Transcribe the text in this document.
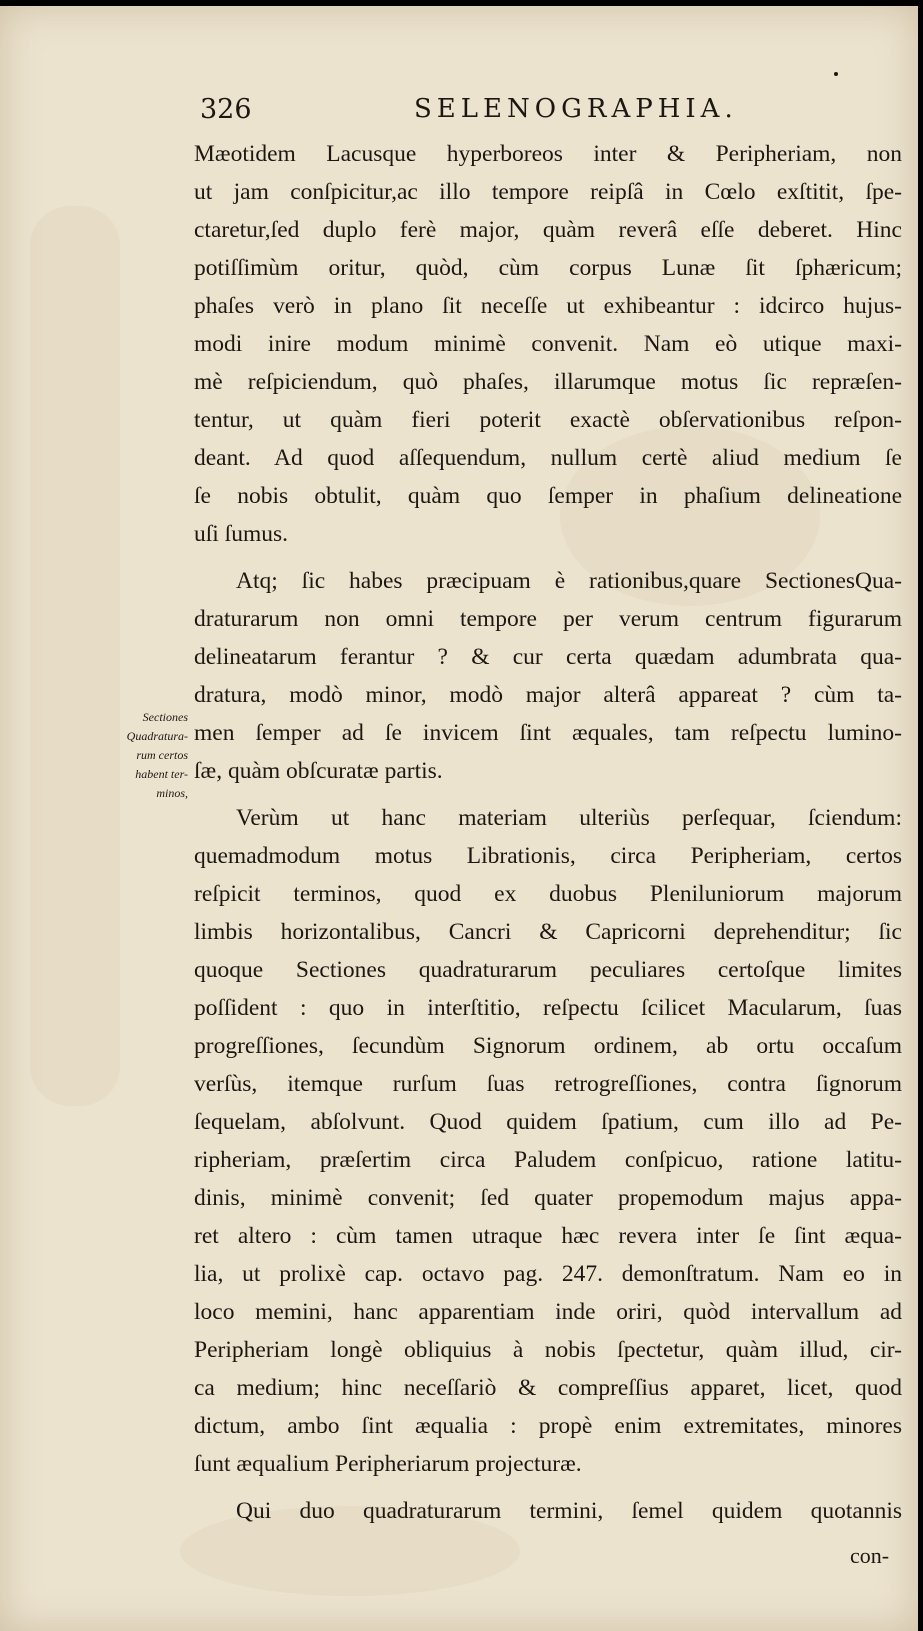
326	SELENOGRAPHIA.
Sectiones
Quadratura-
rum certos
habent ter-
minos,
Mæotidem Lacusque hyperboreos inter & Peripheriam, non
ut jam conſpicitur,ac illo tempore reipſâ in Cœlo exſtitit, ſpe-
ctaretur,ſed duplo ferè major, quàm reverâ eſſe deberet. Hinc
potiſſimùm oritur, quòd, cùm corpus Lunæ ſit ſphæricum;
phaſes verò in plano ſit neceſſe ut exhibeantur : idcirco hujus-
modi inire modum minimè convenit. Nam eò utique maxi-
mè reſpiciendum, quò phaſes, illarumque motus ſic repræſen-
tentur, ut quàm fieri poterit exactè obſervationibus reſpon-
deant. Ad quod aſſequendum, nullum certè aliud medium ſe
ſe nobis obtulit, quàm quo ſemper in phaſium delineatione
uſi ſumus.
Atq; ſic habes præcipuam è rationibus,quare SectionesQua-
draturarum non omni tempore per verum centrum figurarum
delineatarum ferantur ? & cur certa quædam adumbrata qua-
dratura, modò minor, modò major alterâ appareat ? cùm ta-
men ſemper ad ſe invicem ſint æquales, tam reſpectu lumino-
ſæ, quàm obſcuratæ partis.
Verùm ut hanc materiam ulteriùs perſequar, ſciendum:
quemadmodum motus Librationis, circa Peripheriam, certos
reſpicit terminos, quod ex duobus Pleniluniorum majorum
limbis horizontalibus, Cancri & Capricorni deprehenditur; ſic
quoque Sectiones quadraturarum peculiares certoſque limites
poſſident : quo in interſtitio, reſpectu ſcilicet Macularum, ſuas
progreſſiones, ſecundùm Signorum ordinem, ab ortu occaſum
verſùs, itemque rurſum ſuas retrogreſſiones, contra ſignorum
ſequelam, abſolvunt. Quod quidem ſpatium, cum illo ad Pe-
ripheriam, præſertim circa Paludem conſpicuo, ratione latitu-
dinis, minimè convenit; ſed quater propemodum majus appa-
ret altero : cùm tamen utraque hæc revera inter ſe ſint æqua-
lia, ut prolixè cap. octavo pag. 247. demonſtratum. Nam eo in
loco memini, hanc apparentiam inde oriri, quòd intervallum ad
Peripheriam longè obliquius à nobis ſpectetur, quàm illud, cir-
ca medium; hinc neceſſariò & compreſſius apparet, licet, quod
dictum, ambo ſint æqualia : propè enim extremitates, minores
ſunt æqualium Peripheriarum projecturæ.
Qui duo quadraturarum termini, ſemel quidem quotannis
con-
